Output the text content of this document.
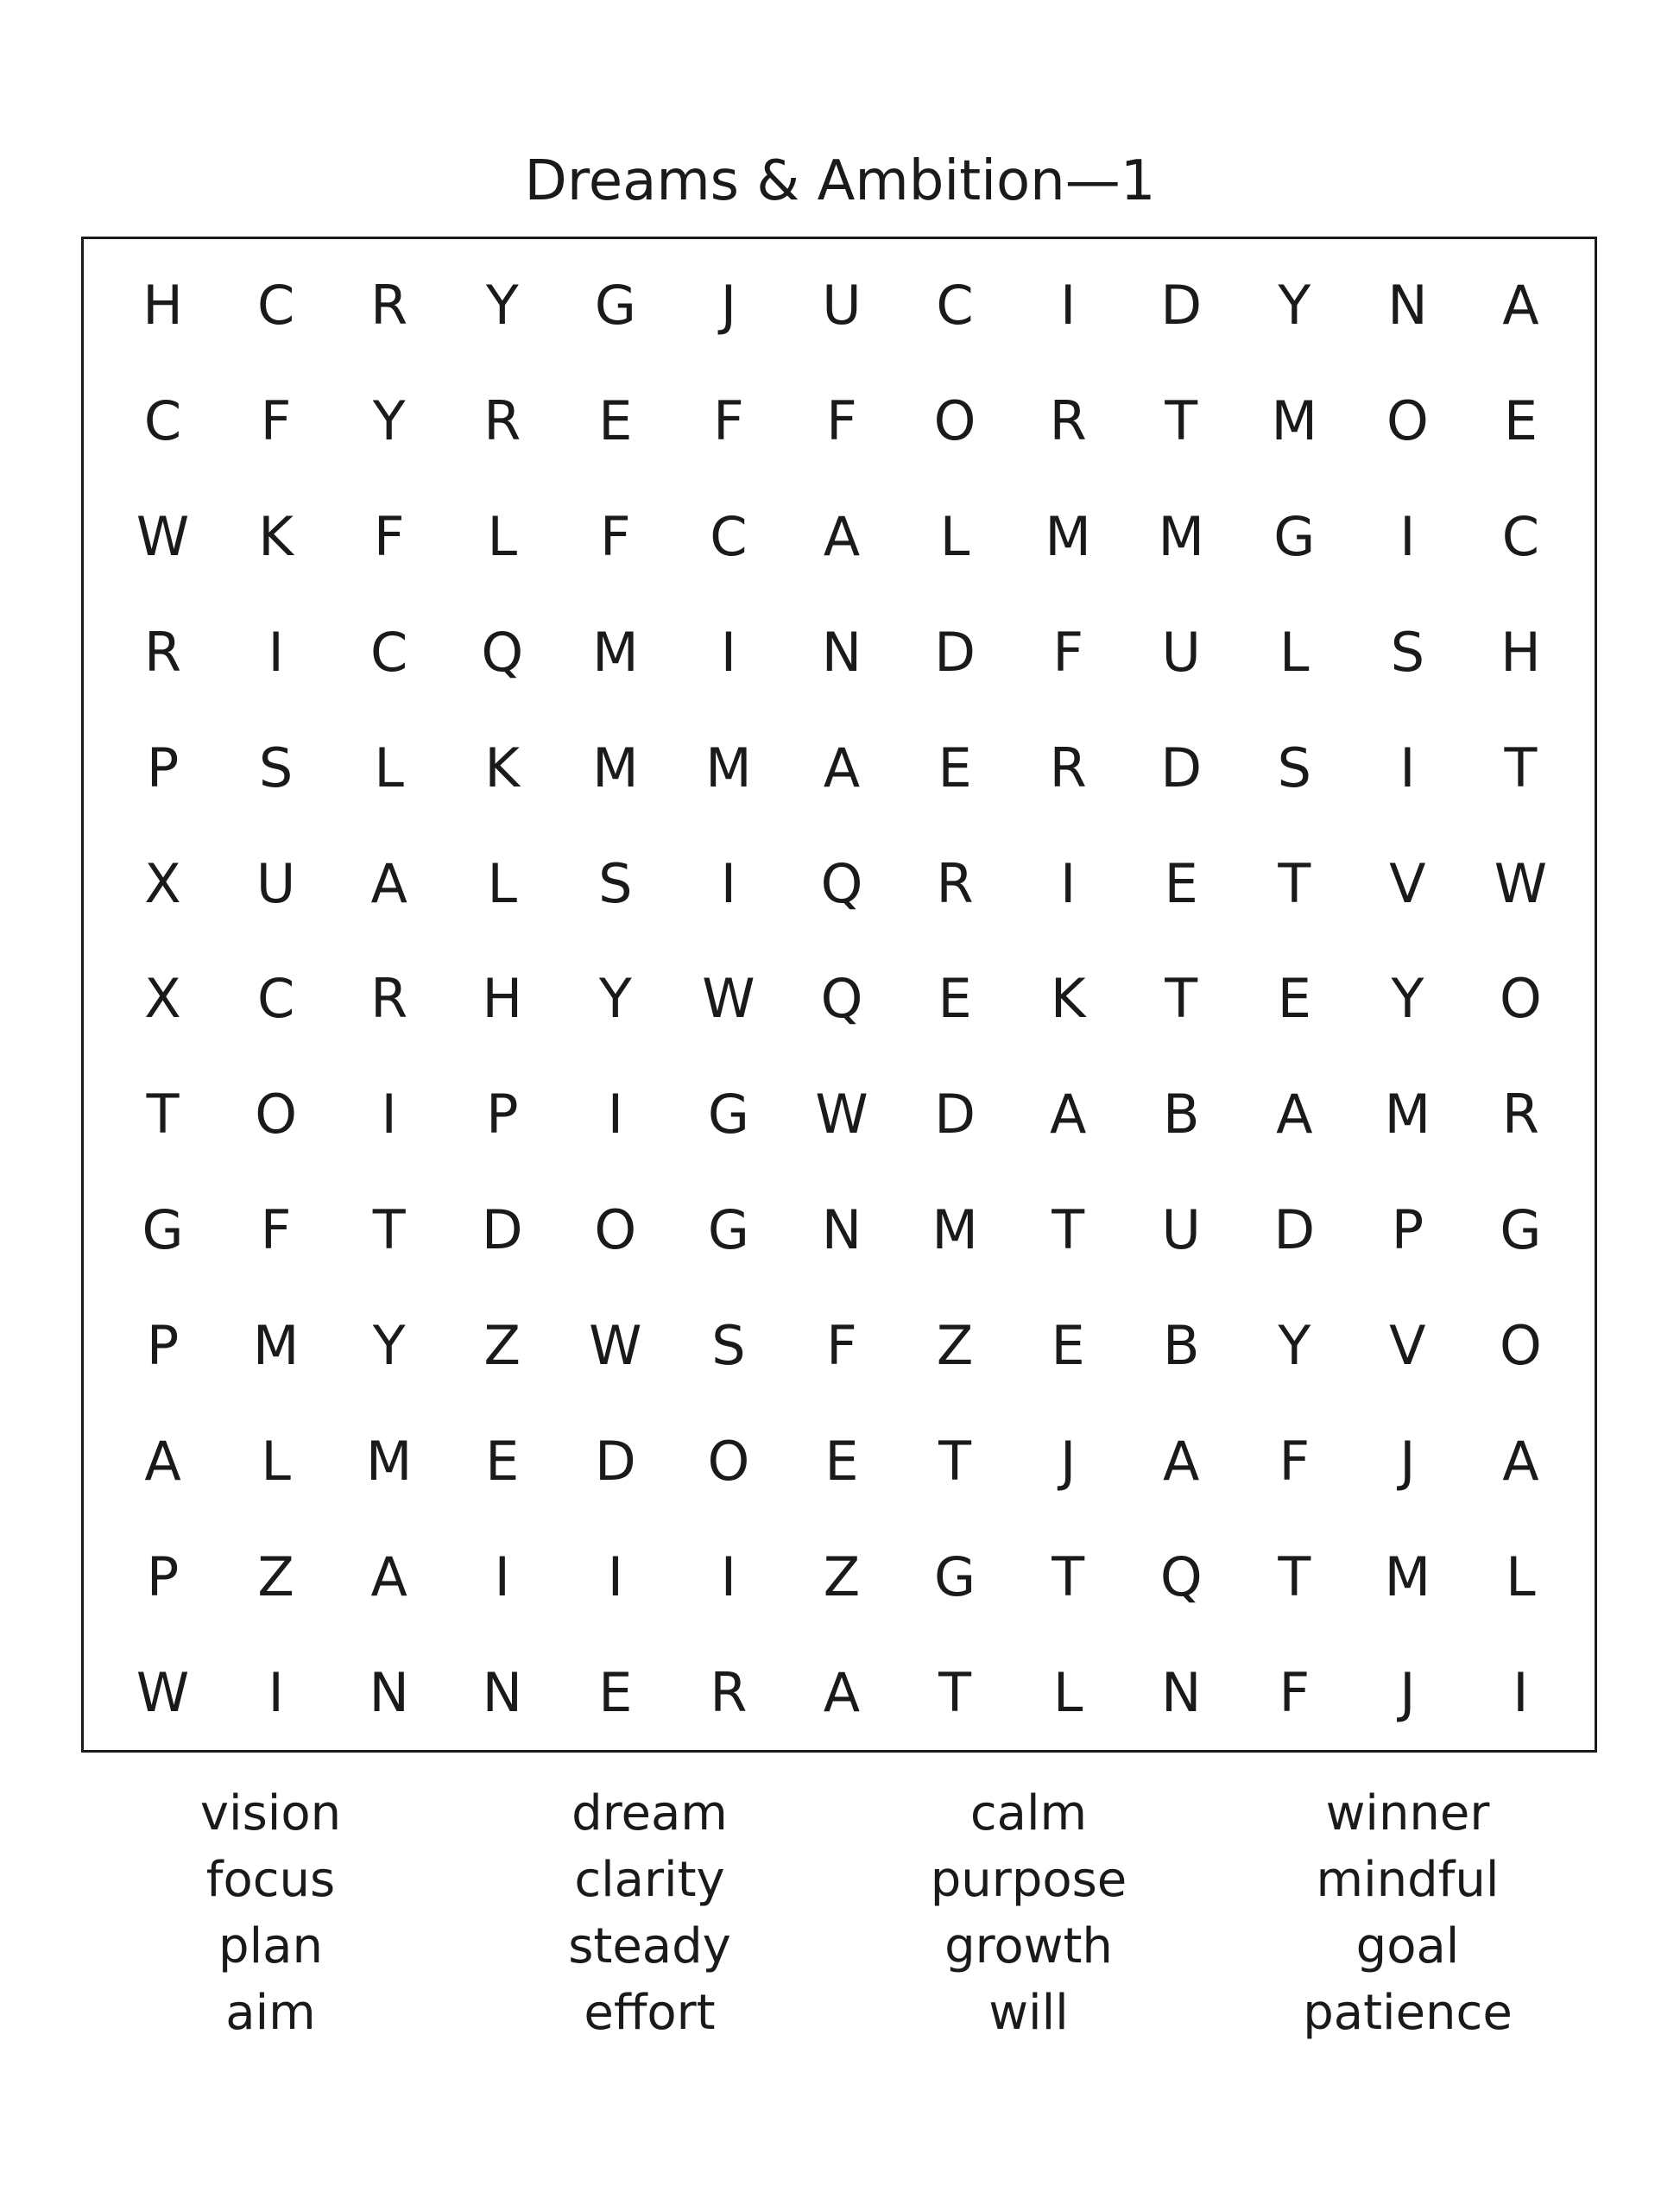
Dreams & Ambition—1
H	C	R	Y	G	J	U	C	I	D	Y	N	A
C	F	Y	R	E	F	F	O	R	T	M	O	E
W	K	F	L	F	C	A	L	M	M	G	I	C
R	I	C	Q	M	I	N	D	F	U	L	S	H
P	S	L	K	M	M	A	E	R	D	S	I	T
X	U	A	L	S	I	Q	R	I	E	T	V	W
X	C	R	H	Y	W	Q	E	K	T	E	Y	O
T	O	I	P	I	G	W	D	A	B	A	M	R
G	F	T	D	O	G	N	M	T	U	D	P	G
P	M	Y	Z	W	S	F	Z	E	B	Y	V	O
A	L	M	E	D	O	E	T	J	A	F	J	A
P	Z	A	I	I	I	Z	G	T	Q	T	M	L
W	I	N	N	E	R	A	T	L	N	F	J	I
vision
focus
plan
aim
dream
clarity
steady
effort
calm
purpose
growth
will
winner
mindful
goal
patience
